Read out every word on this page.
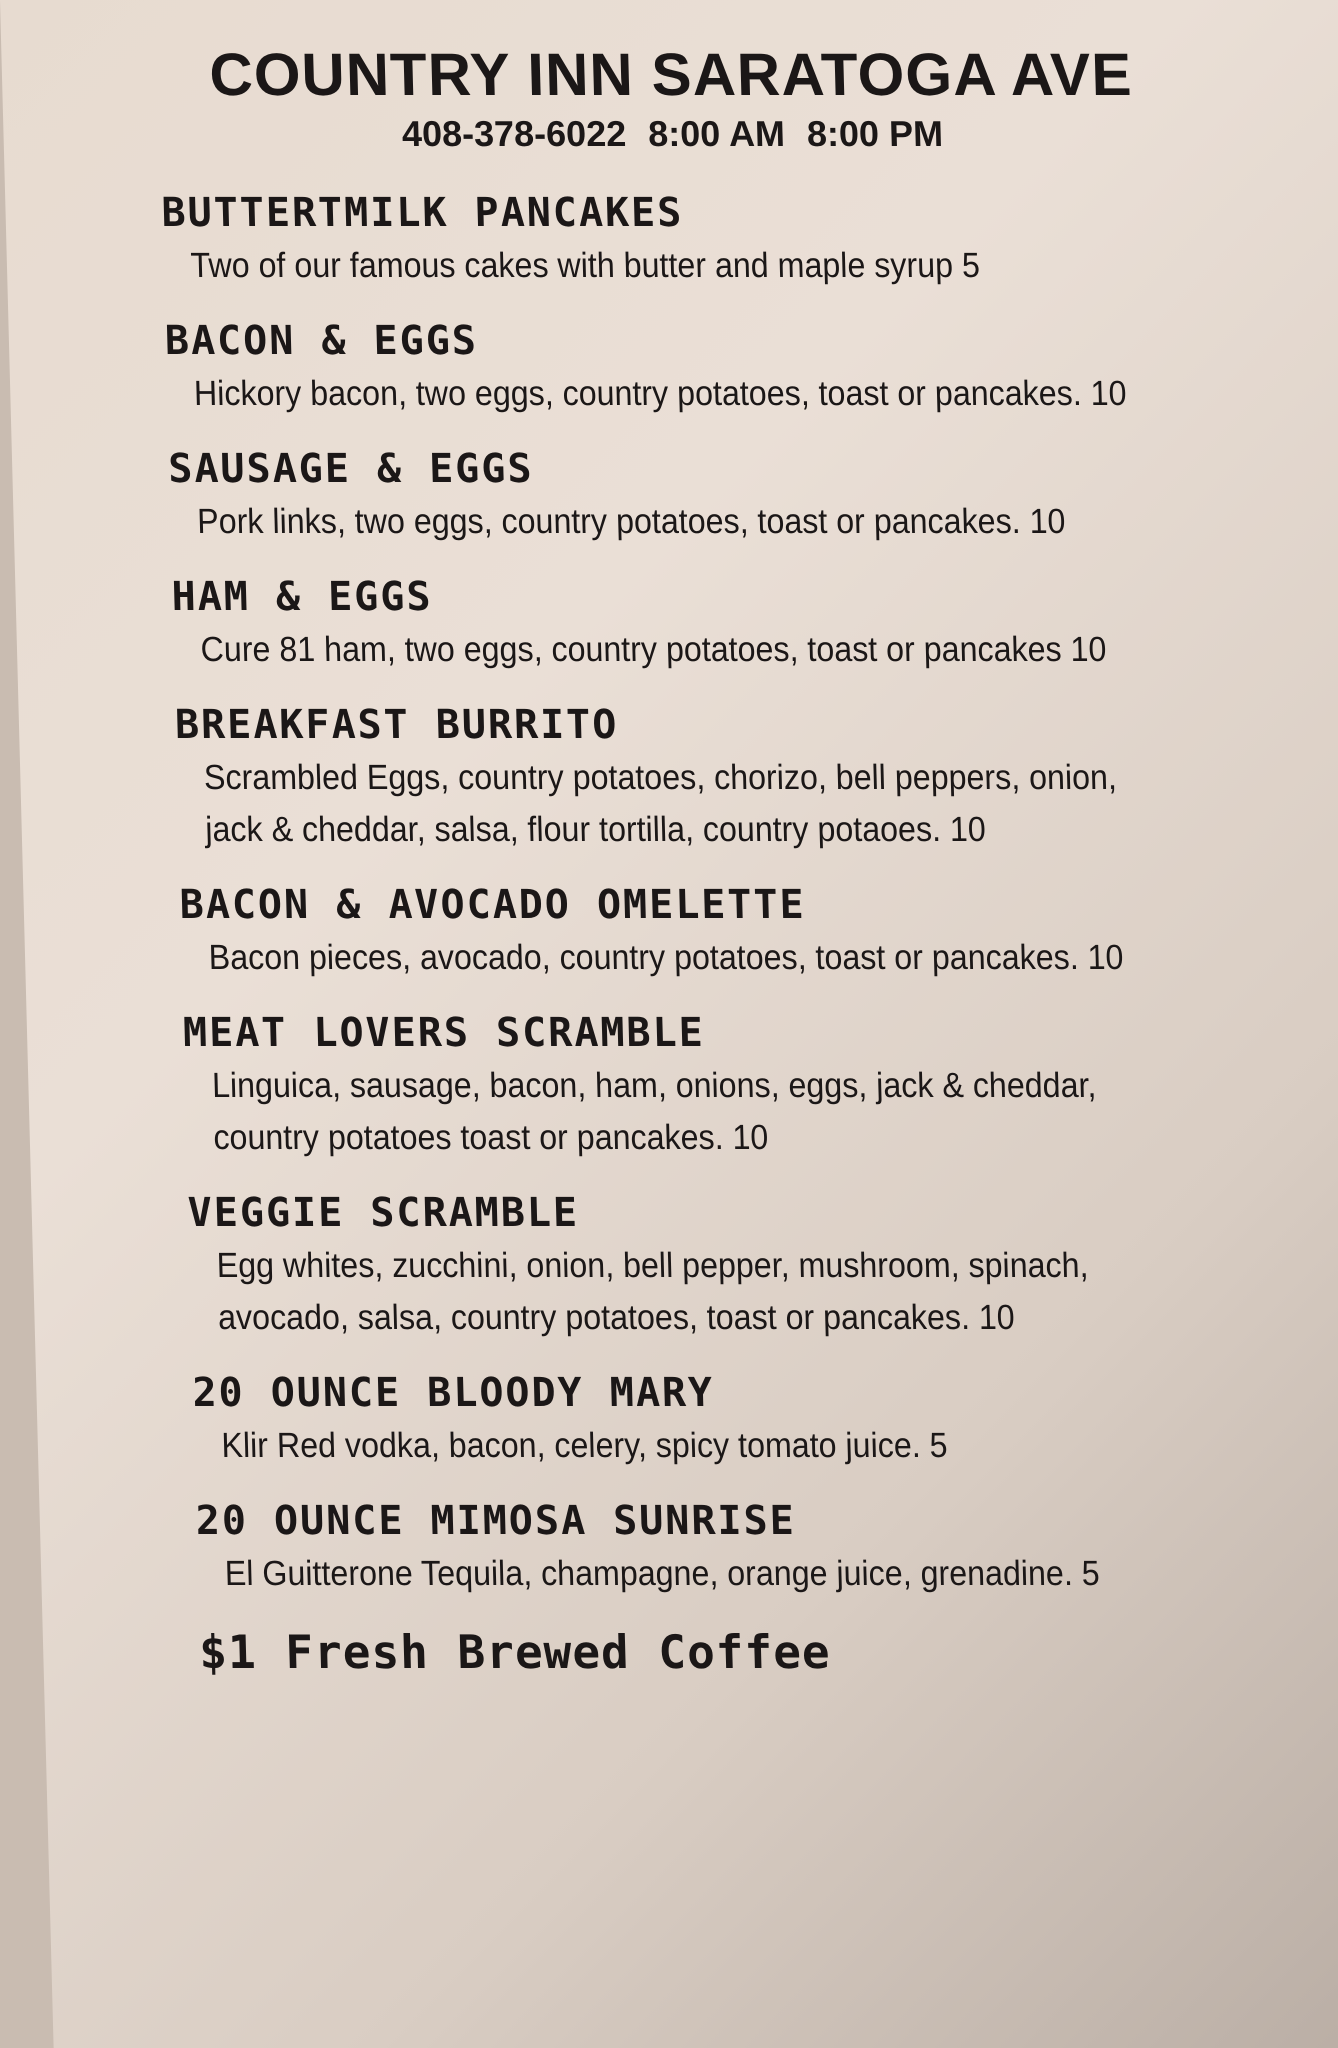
COUNTRY INN SARATOGA AVE
408-378-6022 8:00 AM 8:00 PM
BUTTERTMILK PANCAKES
Two of our famous cakes with butter and maple syrup 5
BACON & EGGS
Hickory bacon, two eggs, country potatoes, toast or pancakes. 10
SAUSAGE & EGGS
Pork links, two eggs, country potatoes, toast or pancakes. 10
HAM & EGGS
Cure 81 ham, two eggs, country potatoes, toast or pancakes 10
BREAKFAST BURRITO
Scrambled Eggs, country potatoes, chorizo, bell peppers, onion,
jack & cheddar, salsa, flour tortilla, country potaoes. 10
BACON & AVOCADO OMELETTE
Bacon pieces, avocado, country potatoes, toast or pancakes. 10
MEAT LOVERS SCRAMBLE
Linguica, sausage, bacon, ham, onions, eggs, jack & cheddar,
country potatoes toast or pancakes. 10
VEGGIE SCRAMBLE
Egg whites, zucchini, onion, bell pepper, mushroom, spinach,
avocado, salsa, country potatoes, toast or pancakes. 10
20 OUNCE BLOODY MARY
Klir Red vodka, bacon, celery, spicy tomato juice. 5
20 OUNCE MIMOSA SUNRISE
El Guitterone Tequila, champagne, orange juice, grenadine. 5
$1 Fresh Brewed Coffee
